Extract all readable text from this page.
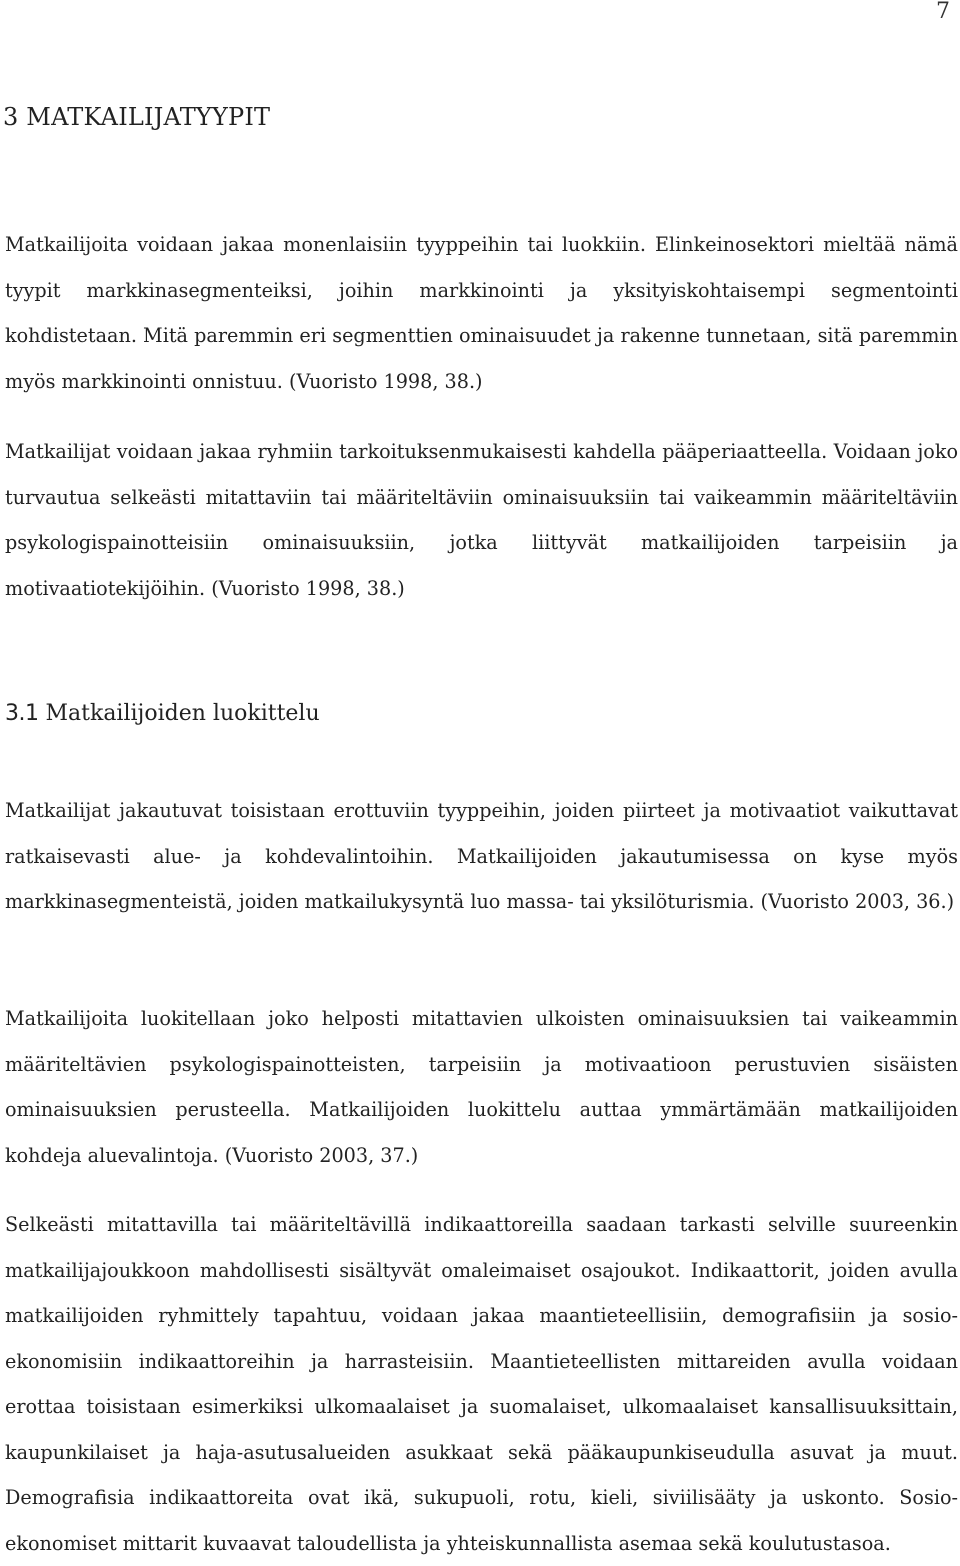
7
3 MATKAILIJATYYPIT

Matkailijoita voidaan jakaa monenlaisiin tyyppeihin tai luokkiin. Elinkeinosektori mieltää nämä tyypit markkinasegmenteiksi, joihin markkinointi ja yksityiskohtaisempi segmentointi kohdistetaan. Mitä paremmin eri segmenttien ominaisuudet ja rakenne tunnetaan, sitä paremmin myös markkinointi onnistuu. (Vuoristo 1998, 38.)

Matkailijat voidaan jakaa ryhmiin tarkoituksenmukaisesti kahdella pääperiaatteella. Voidaan joko turvautua selkeästi mitattaviin tai määriteltäviin ominaisuuksiin tai vaikeammin määriteltäviin psykologispainotteisiin ominaisuuksiin, jotka liittyvät matkailijoiden tarpeisiin ja motivaatiotekijöihin. (Vuoristo 1998, 38.)

3.1 Matkailijoiden luokittelu

Matkailijat jakautuvat toisistaan erottuviin tyyppeihin, joiden piirteet ja motivaatiot vaikuttavat ratkaisevasti alue- ja kohdevalintoihin. Matkailijoiden jakautumisessa on kyse myös markkinasegmenteistä, joiden matkailukysyntä luo massa- tai yksilöturismia. (Vuoristo 2003, 36.)

Matkailijoita luokitellaan joko helposti mitattavien ulkoisten ominaisuuksien tai vaikeammin määriteltävien psykologispainotteisten, tarpeisiin ja motivaatioon perustuvien sisäisten ominaisuuksien perusteella. Matkailijoiden luokittelu auttaa ymmärtämään matkailijoiden kohdeja aluevalintoja. (Vuoristo 2003, 37.)

Selkeästi mitattavilla tai määriteltävillä indikaattoreilla saadaan tarkasti selville suureenkin matkailijajoukkoon mahdollisesti sisältyvät omaleimaiset osajoukot. Indikaattorit, joiden avulla matkailijoiden ryhmittely tapahtuu, voidaan jakaa maantieteellisiin, demografisiin ja sosio-ekonomisiin indikaattoreihin ja harrasteisiin. Maantieteellisten mittareiden avulla voidaan erottaa toisistaan esimerkiksi ulkomaalaiset ja suomalaiset, ulkomaalaiset kansallisuuksittain, kaupunkilaiset ja haja-asutusalueiden asukkaat sekä pääkaupunkiseudulla asuvat ja muut. Demografisia indikaattoreita ovat ikä, sukupuoli, rotu, kieli, siviilisääty ja uskonto. Sosio-ekonomiset mittarit kuvaavat taloudellista ja yhteiskunnallista asemaa sekä koulutustasoa.
